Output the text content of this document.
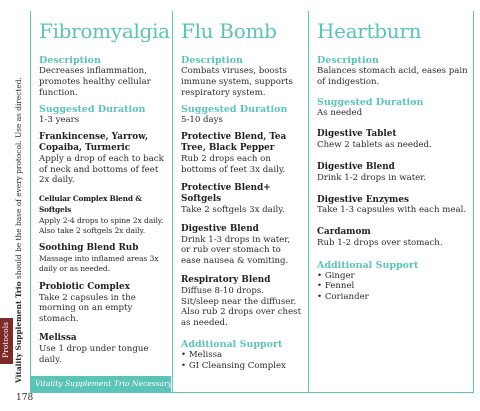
Fibromyalgia
Description
Decreases inflammation, promotes healthy cellular function.
Suggested Duration
1-3 years
Frankincense, Yarrow, Copaiba, Turmeric
Apply a drop of each to back of neck and bottoms of feet 2x daily.
Cellular Complex Blend & Softgels
Apply 2-4 drops to spine 2x daily. Also take 2 softgels 2x daily.
Soothing Blend Rub
Massage into inflamed areas 3x daily or as needed.
Probiotic Complex
Take 2 capsules in the morning on an empty stomach.
Melissa
Use 1 drop under tongue daily.
Flu Bomb
Description
Combats viruses, boosts immune system, supports respiratory system.
Suggested Duration
5-10 days
Protective Blend, Tea Tree, Black Pepper
Rub 2 drops each on bottoms of feet 3x daily.
Protective Blend+ Softgels
Take 2 softgels 3x daily.
Digestive Blend
Drink 1-3 drops in water, or rub over stomach to ease nausea & vomiting.
Respiratory Blend
Diffuse 8-10 drops. Sit/sleep near the diffuser. Also rub 2 drops over chest as needed.
Additional Support
• Melissa
• GI Cleansing Complex
Heartburn
Description
Balances stomach acid, eases pain of indigestion.
Suggested Duration
As needed
Digestive Tablet
Chew 2 tablets as needed.
Digestive Blend
Drink 1-2 drops in water.
Digestive Enzymes
Take 1-3 capsules with each meal.
Cardamom
Rub 1-2 drops over stomach.
Additional Support
• Ginger
• Fennel
• Coriander
Vitality Supplement Trio Necessary
Vitality Supplement Trio should be the base of every protocol. Use as directed.
Protocols
178
